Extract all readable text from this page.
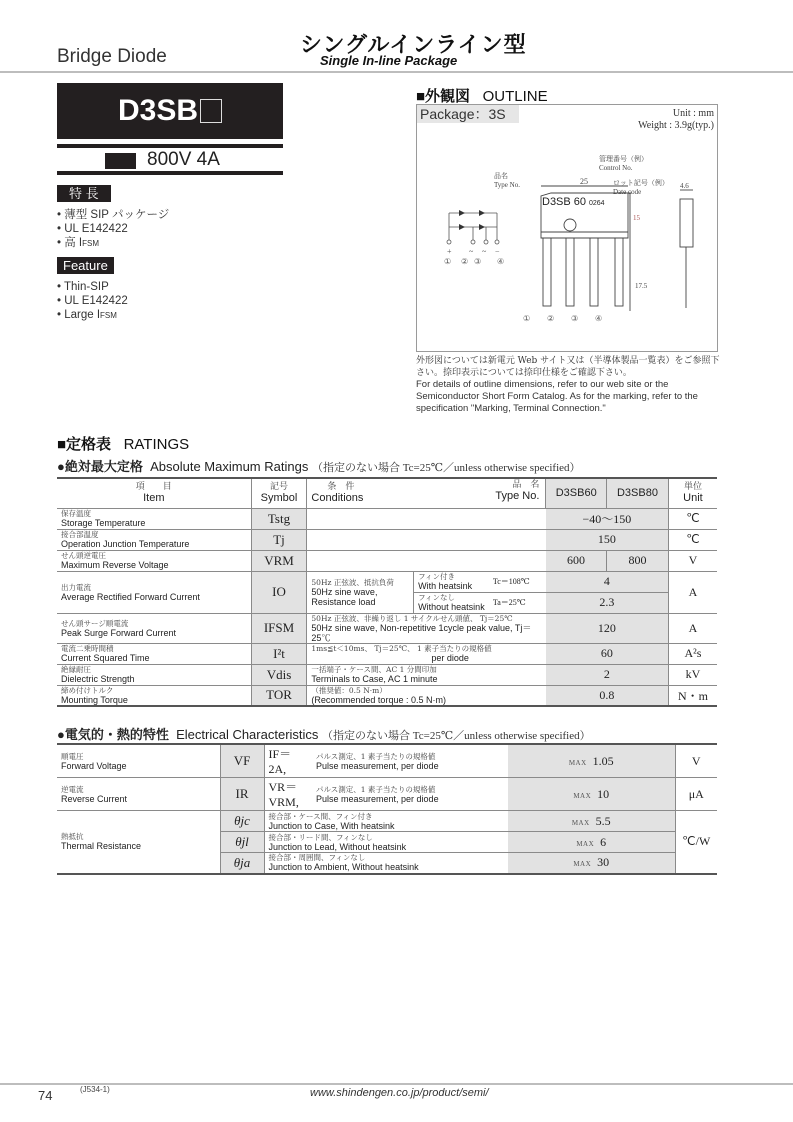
Bridge Diode	シングルインライン型
Single In-line Package
D3SB
800V 4A
特 長
• 薄型 SIP パッケージ
• UL E142422
• 高 IFSM
Feature
• Thin-SIP
• UL E142422
• Large IFSM
■外観図 OUTLINE
Package：3S	Unit : mm
Weight : 3.9g(typ.)
+ ~ ~ −
① ② ③ ④
D3SB 60 0264
25
15
17.5
4.6
品名
Type No.
管理番号（例）
Control No.
ロット記号（例）
Date code
① ② ③ ④
外形図については新電元 Web サイト又は（半導体製品一覧表）をご参照下さい。捺印表示については捺印仕様をご確認下さい。
For details of outline dimensions, refer to our web site or the Semiconductor Short Form Catalog. As for the marking, refer to the specification "Marking, Terminal Connection."
■定格表 RATINGS
●絶対最大定格 Absolute Maximum Ratings （指定のない場合 Tc=25℃／unless otherwise specified）
項　　目
Item	記号
Symbol	条　件
Conditions
品　名
Type No.			D3SB60	D3SB80	単位
Unit

保存温度
Storage Temperature	Tstg				−40～150		℃

接合部温度
Operation Junction Temperature	Tj				150		℃

せん頭逆電圧
Maximum Reverse Voltage	VRM				600	800	V

出力電流
Average Rectified Forward Current	IO	50Hz 正弦波、抵抗負荷
50Hz sine wave, Resistance load	フィン付き
With heatsink	Tc＝108℃	4		A

			フィンなし
Without heatsink	Ta＝25℃	2.3		

せん頭サージ順電流
Peak Surge Forward Current	IFSM	50Hz 正弦波、非繰り返し 1 サイクルせん頭値、 Tj＝25℃
50Hz sine wave, Non-repetitive 1cycle peak value, Tj＝25℃			120		A

電流二乗時間積
Current Squared Time	I²t	1ms≦t＜10ms、 Tj＝25℃、 1 素子当たりの規格値
per diode			60		A²s

絶縁耐圧
Dielectric Strength	Vdis	一括端子・ケース間、AC 1 分間印加
Terminals to Case, AC 1 minute			2		kV

締め付けトルク
Mounting Torque	TOR	（推奨値：0.5 N·m）
(Recommended torque : 0.5 N·m)			0.8		N・m
●電気的・熱的特性 Electrical Characteristics （指定のない場合 Tc=25℃／unless otherwise specified）
順電圧
Forward Voltage	VF	IF＝2A,	パルス測定、1 素子当たりの規格値
Pulse measurement, per diode	MAX 1.05	V

逆電流
Reverse Current	IR	VR＝VRM,	パルス測定、1 素子当たりの規格値
Pulse measurement, per diode	MAX 10	μA

熱抵抗
Thermal Resistance	θjc	接合部・ケース間、フィン付き
Junction to Case, With heatsink		MAX 5.5	℃/W
	θjl	接合部・リード間、フィンなし
Junction to Lead, Without heatsink		MAX 6	
	θja	接合部・周囲間、フィンなし
Junction to Ambient, Without heatsink		MAX 30	
74	(J534-1)	www.shindengen.co.jp/product/semi/
